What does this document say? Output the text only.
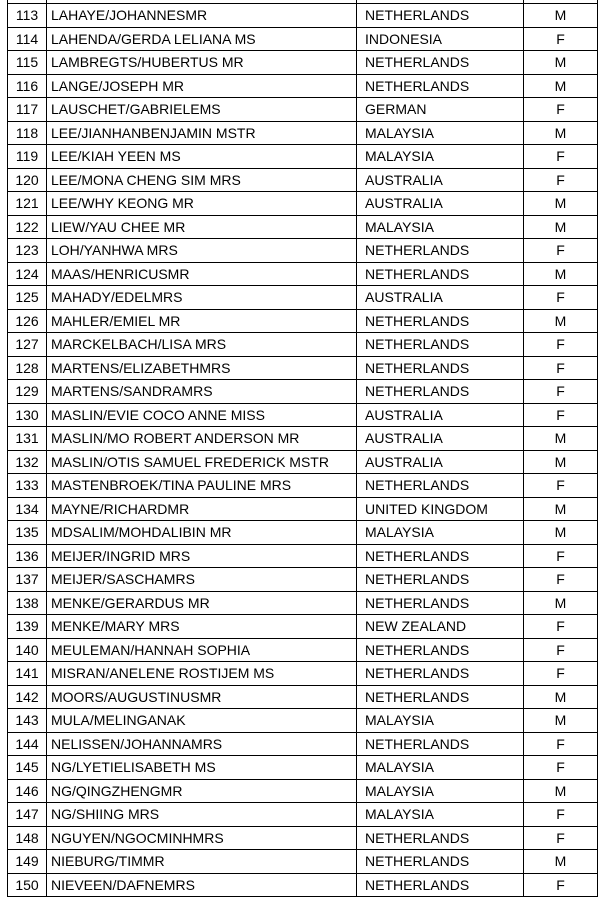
113	LAHAYE/JOHANNESMR	NETHERLANDS	M
114	LAHENDA/GERDA LELIANA MS	INDONESIA	F
115	LAMBREGTS/HUBERTUS MR	NETHERLANDS	M
116	LANGE/JOSEPH MR	NETHERLANDS	M
117	LAUSCHET/GABRIELEMS	GERMAN	F
118	LEE/JIANHANBENJAMIN MSTR	MALAYSIA	M
119	LEE/KIAH YEEN MS	MALAYSIA	F
120	LEE/MONA CHENG SIM MRS	AUSTRALIA	F
121	LEE/WHY KEONG MR	AUSTRALIA	M
122	LIEW/YAU CHEE MR	MALAYSIA	M
123	LOH/YANHWA MRS	NETHERLANDS	F
124	MAAS/HENRICUSMR	NETHERLANDS	M
125	MAHADY/EDELMRS	AUSTRALIA	F
126	MAHLER/EMIEL MR	NETHERLANDS	M
127	MARCKELBACH/LISA MRS	NETHERLANDS	F
128	MARTENS/ELIZABETHMRS	NETHERLANDS	F
129	MARTENS/SANDRAMRS	NETHERLANDS	F
130	MASLIN/EVIE COCO ANNE MISS	AUSTRALIA	F
131	MASLIN/MO ROBERT ANDERSON MR	AUSTRALIA	M
132	MASLIN/OTIS SAMUEL FREDERICK MSTR	AUSTRALIA	M
133	MASTENBROEK/TINA PAULINE MRS	NETHERLANDS	F
134	MAYNE/RICHARDMR	UNITED KINGDOM	M
135	MDSALIM/MOHDALIBIN MR	MALAYSIA	M
136	MEIJER/INGRID MRS	NETHERLANDS	F
137	MEIJER/SASCHAMRS	NETHERLANDS	F
138	MENKE/GERARDUS MR	NETHERLANDS	M
139	MENKE/MARY MRS	NEW ZEALAND	F
140	MEULEMAN/HANNAH SOPHIA	NETHERLANDS	F
141	MISRAN/ANELENE ROSTIJEM MS	NETHERLANDS	F
142	MOORS/AUGUSTINUSMR	NETHERLANDS	M
143	MULA/MELINGANAK	MALAYSIA	M
144	NELISSEN/JOHANNAMRS	NETHERLANDS	F
145	NG/LYETIELISABETH MS	MALAYSIA	F
146	NG/QINGZHENGMR	MALAYSIA	M
147	NG/SHIING MRS	MALAYSIA	F
148	NGUYEN/NGOCMINHMRS	NETHERLANDS	F
149	NIEBURG/TIMMR	NETHERLANDS	M
150	NIEVEEN/DAFNEMRS	NETHERLANDS	F
